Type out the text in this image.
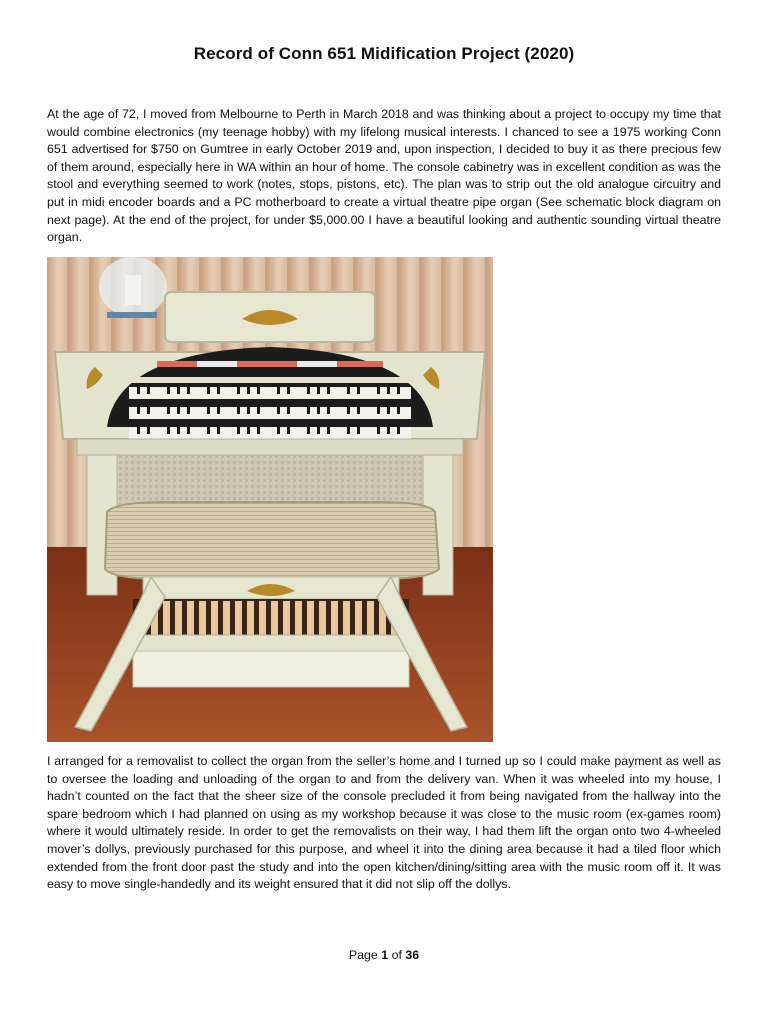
Record of Conn 651 Midification Project (2020)

At the age of 72, I moved from Melbourne to Perth in March 2018 and was thinking about a project to occupy my time that would combine electronics (my teenage hobby) with my lifelong musical interests. I chanced to see a 1975 working Conn 651 advertised for $750 on Gumtree in early October 2019 and, upon inspection, I decided to buy it as there precious few of them around, especially here in WA within an hour of home. The console cabinetry was in excellent condition as was the stool and everything seemed to work (notes, stops, pistons, etc). The plan was to strip out the old analogue circuitry and put in midi encoder boards and a PC motherboard to create a virtual theatre pipe organ (See schematic block diagram on next page). At the end of the project, for under $5,000.00 I have a beautiful looking and authentic sounding virtual theatre organ.

I arranged for a removalist to collect the organ from the seller’s home and I turned up so I could make payment as well as to oversee the loading and unloading of the organ to and from the delivery van. When it was wheeled into my house, I hadn’t counted on the fact that the sheer size of the console precluded it from being navigated from the hallway into the spare bedroom which I had planned on using as my workshop because it was close to the music room (ex-games room) where it would ultimately reside. In order to get the removalists on their way, I had them lift the organ onto two 4-wheeled mover’s dollys, previously purchased for this purpose, and wheel it into the dining area because it had a tiled floor which extended from the front door past the study and into the open kitchen/dining/sitting area with the music room off it. It was easy to move single-handedly and its weight ensured that it did not slip off the dollys.

Page 1 of 36
